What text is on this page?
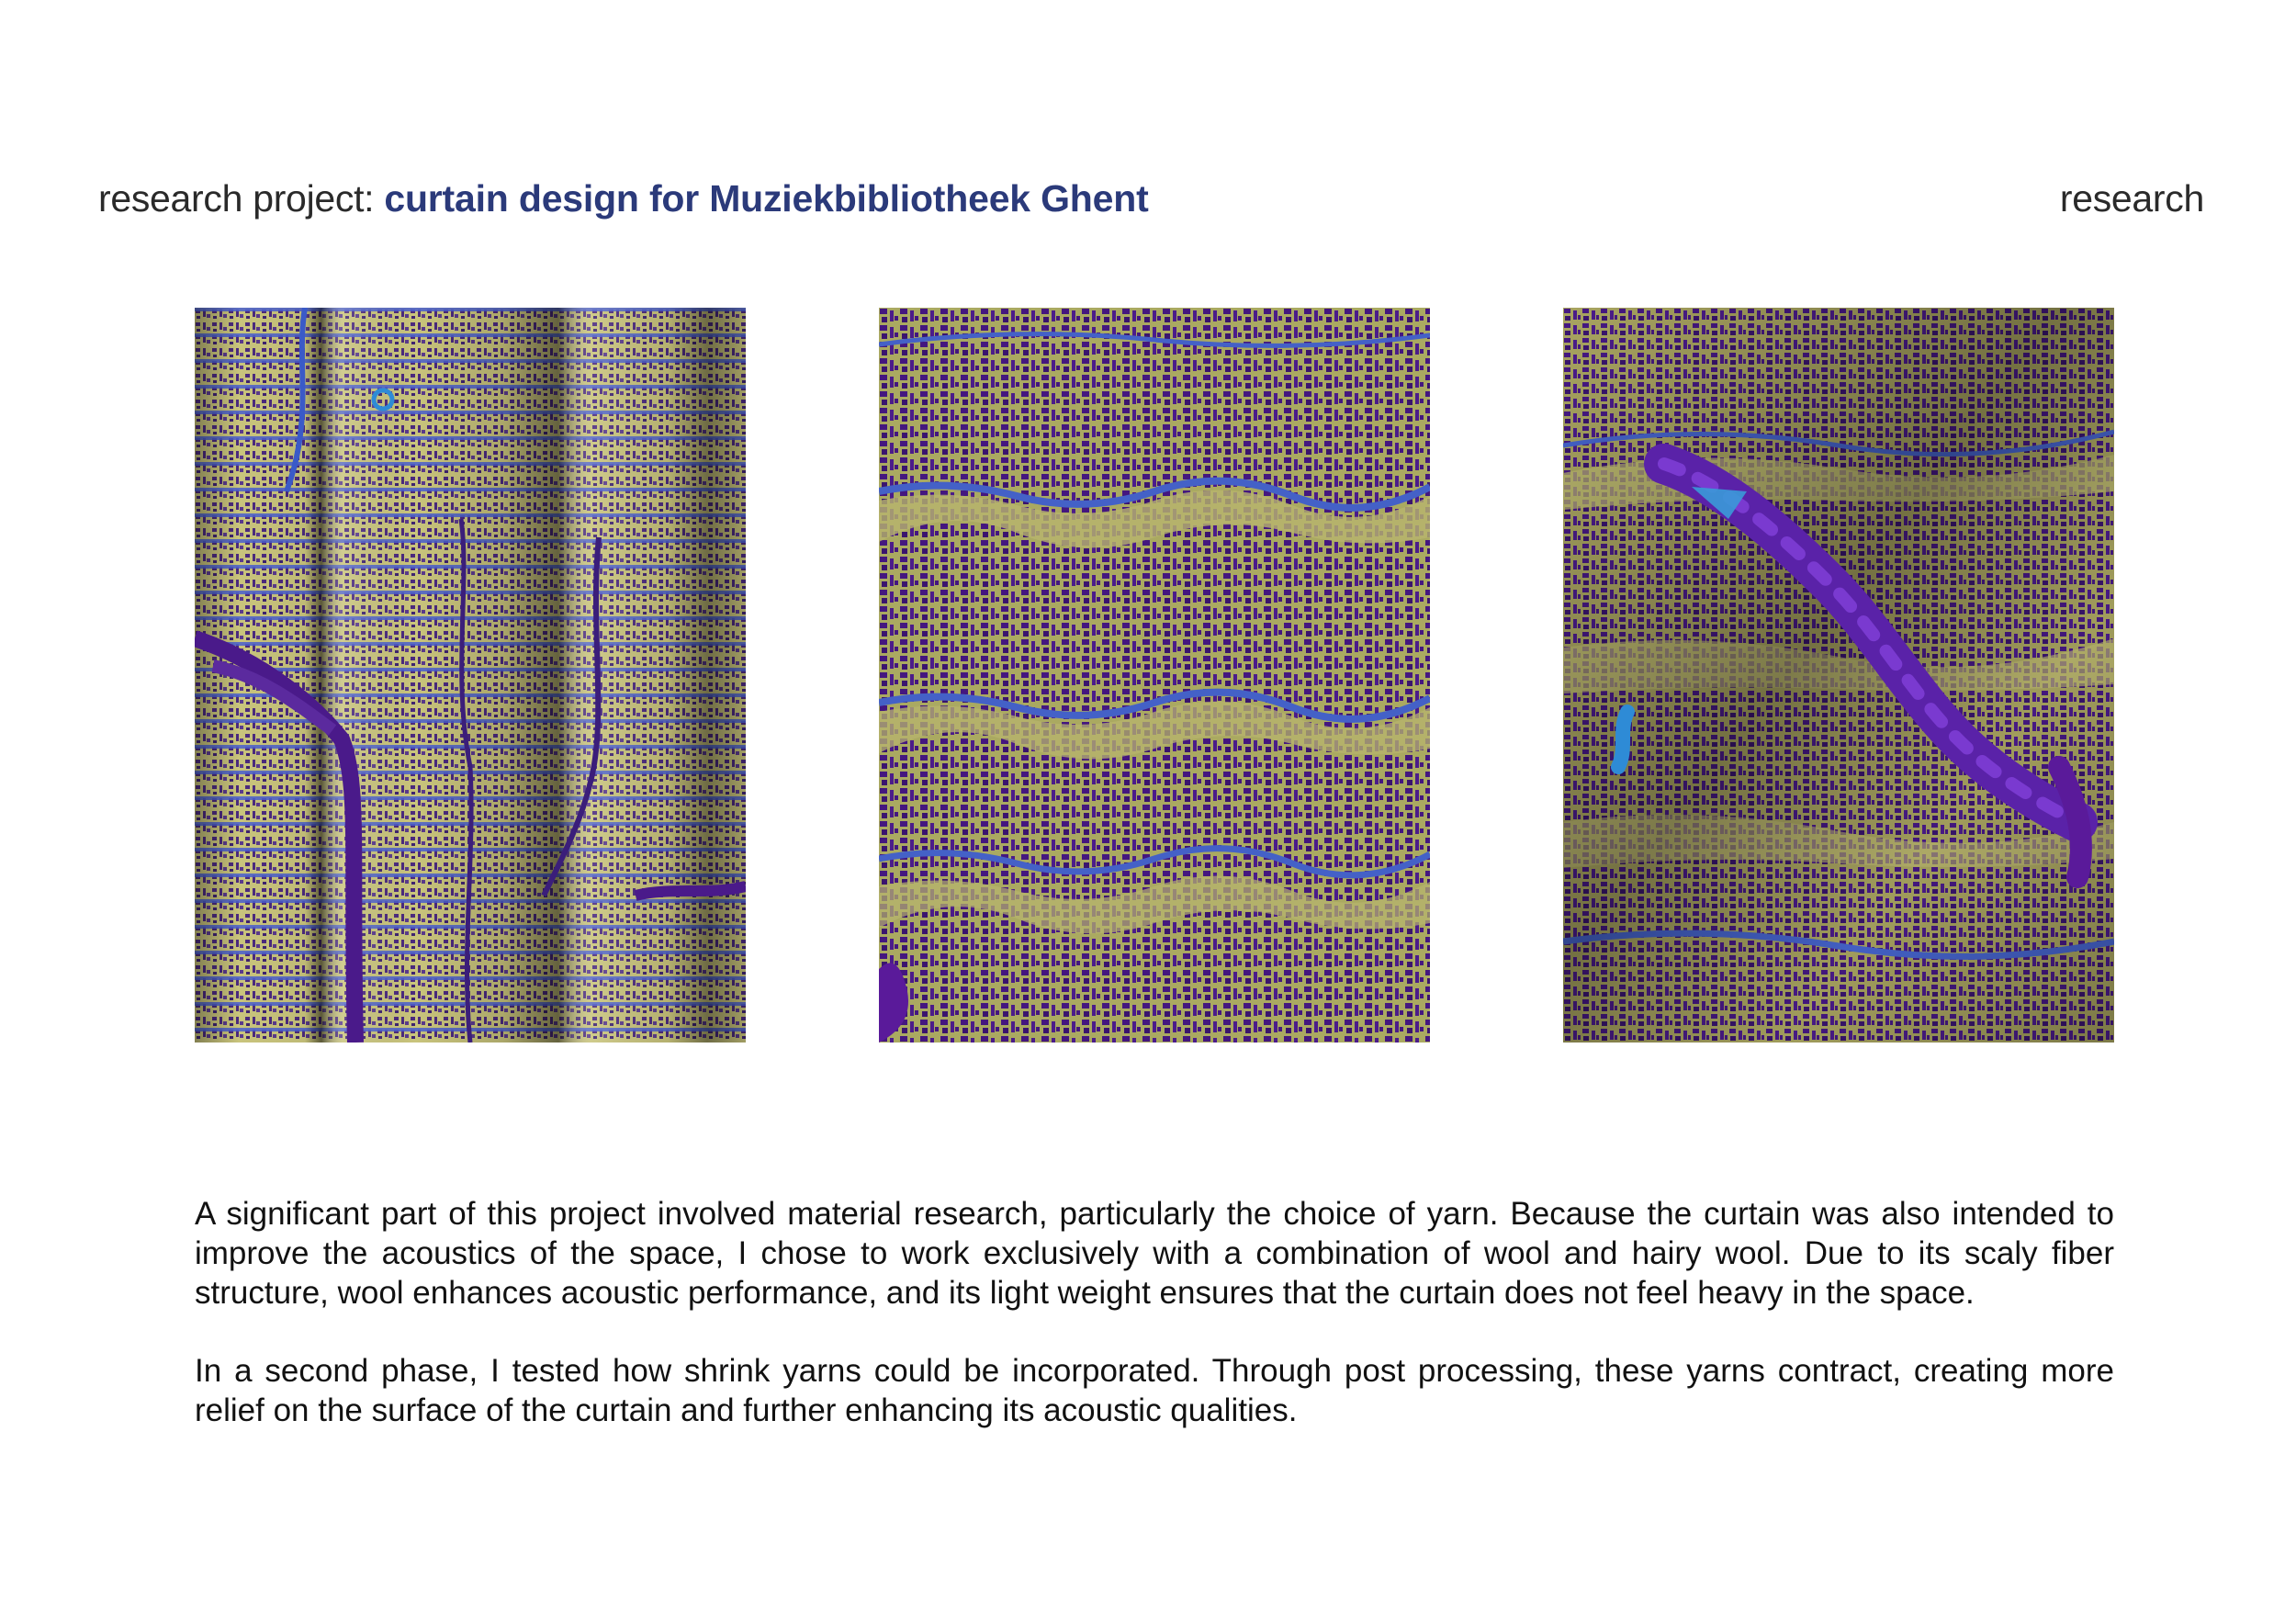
research project: curtain design for Muziekbibliotheek Ghent	research

A significant part of this project involved material research, particularly the choice of yarn. Because the curtain was also intended to improve the acoustics of the space, I chose to work exclusively with a combination of wool and hairy wool. Due to its scaly fiber structure, wool enhances acoustic performance, and its light weight ensures that the curtain does not feel heavy in the space.

In a second phase, I tested how shrink yarns could be incorporated. Through post processing, these yarns contract, creating more relief on the surface of the curtain and further enhancing its acoustic qualities.
